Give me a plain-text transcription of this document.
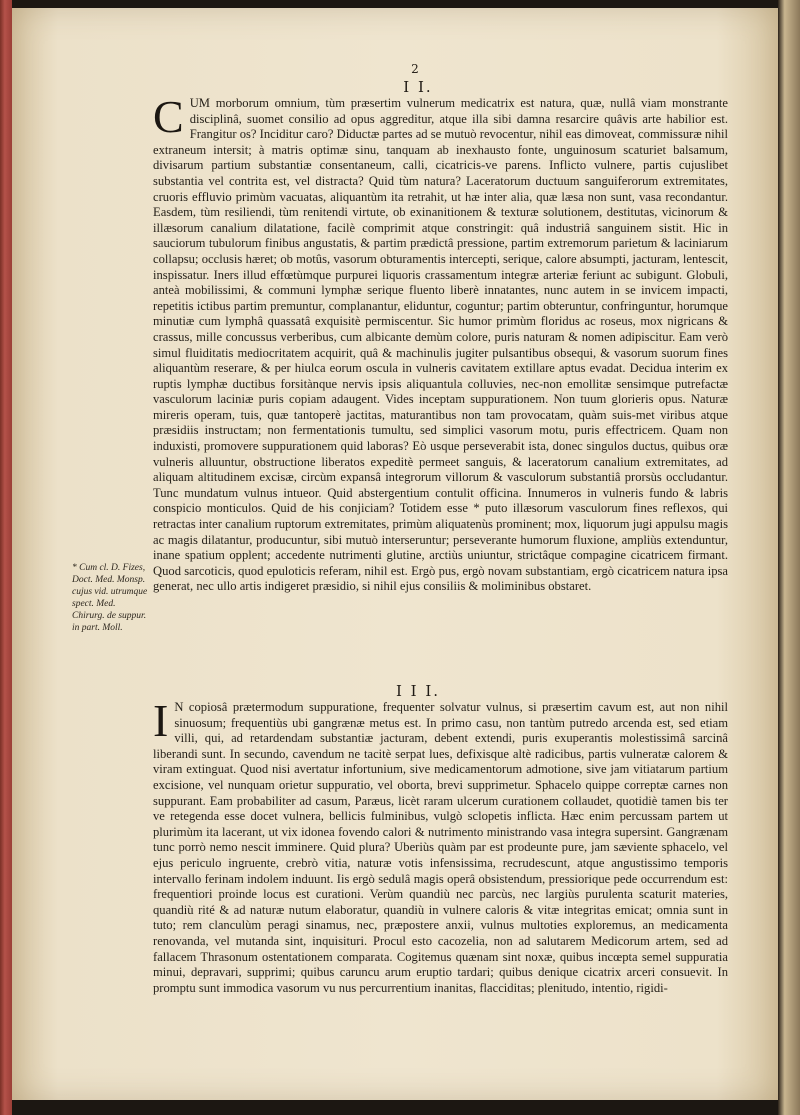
2
I I.
C UM morborum omnium, tùm præsertim vulnerum medicatrix est natura, quæ, nullâ viam monstrante disciplinâ, suomet consilio ad opus aggreditur, atque illa sibi damna resarcire quâvis arte habilior est. Frangitur os? Inciditur caro? Diductæ partes ad se mutuò revocentur, nihil eas dimoveat, commissuræ nihil extraneum intersit; à matris optimæ sinu, tanquam ab inexhausto fonte, unguinosum scaturiet balsamum, divisarum partium substantiæ consentaneum, calli, cicatricis-ve parens. Inflicto vulnere, partis cujuslibet substantia vel contrita est, vel distracta? Quid tùm natura? Laceratorum ductuum sanguiferorum extremitates, cruoris effluvio primùm vacuatas, aliquantùm ita retrahit, ut hæ inter alia, quæ læsa non sunt, vasa recondantur. Easdem, tùm resiliendi, tùm renitendi virtute, ob exinanitionem & texturæ solutionem, destitutas, vicinorum & illæsorum canalium dilatatione, facilè comprimit atque constringit: quâ industriâ sanguinem sistit. Hic in sauciorum tubulorum finibus angustatis, & partim prædictâ pressione, partim extremorum parietum & laciniarum collapsu; occlusis hæret; ob motûs, vasorum obturamentis intercepti, serique, calore absumpti, jacturam, lentescit, inspissatur. Iners illud effœtùmque purpurei liquoris crassamentum integræ arteriæ feriunt ac subigunt. Globuli, anteà mobilissimi, & communi lymphæ serique fluento liberè innatantes, nunc autem in se invicem impacti, repetitis ictibus partim premuntur, complanantur, eliduntur, coguntur; partim obteruntur, confringuntur, horumque minutiæ cum lymphâ quassatâ exquisitè permiscentur. Sic humor primùm floridus ac roseus, mox nigricans & crassus, mille concussus verberibus, cum albicante demùm colore, puris naturam & nomen adipiscitur. Eam verò simul fluiditatis mediocritatem acquirit, quâ & machinulis jugiter pulsantibus obsequi, & vasorum suorum fines aliquantùm reserare, & per hiulca eorum oscula in vulneris cavitatem extillare aptus evadat. Decidua interim ex ruptis lymphæ ductibus forsitànque nervis ipsis aliquantula colluvies, nec-non emollitæ sensimque putrefactæ vasculorum laciniæ puris copiam adaugent. Vides inceptam suppurationem. Non tuum glorieris opus. Naturæ mireris operam, tuis, quæ tantoperè jactitas, maturantibus non tam provocatam, quàm suis-met viribus atque præsidiis instructam; non fermentationis tumultu, sed simplici vasorum motu, puris effectricem. Quam non induxisti, promovere suppurationem quid laboras? Eò usque perseverabit ista, donec singulos ductus, quibus oræ vulneris alluuntur, obstructione liberatos expeditè permeet sanguis, & laceratorum canalium extremitates, ad aliquam altitudinem excisæ, circùm expansâ integrorum villorum & vasculorum substantiâ prorsùs occludantur. Tunc mundatum vulnus intueor. Quid abstergentium contulit officina. Innumeros in vulneris fundo & labris conspicio monticulos. Quid de his conjiciam? Totidem esse * puto illæsorum vasculorum fines reflexos, qui retractas inter canalium ruptorum extremitates, primùm aliquatenùs prominent; mox, liquorum jugi appulsu magis ac magis dilatantur, producuntur, sibi mutuò interseruntur; perseverante humorum fluxione, ampliùs extenduntur, inane spatium opplent; accedente nutrimenti glutine, arctiùs uniuntur, strictâque compagine cicatricem firmant. Quod sarcoticis, quod epuloticis referam, nihil est. Ergò pus, ergò novam substantiam, ergò cicatricem natura ipsa generat, nec ullo artis indigeret præsidio, si nihil ejus consiliis & moliminibus obstaret.
I I I.
I N copiosâ prætermodum suppuratione, frequenter solvatur vulnus, si præsertim cavum est, aut non nihil sinuosum; frequentiùs ubi gangrænæ metus est. In primo casu, non tantùm putredo arcenda est, sed etiam villi, qui, ad retardendam substantiæ jacturam, debent extendi, puris exuperantis molestissimâ sarcinâ liberandi sunt. In secundo, cavendum ne tacitè serpat lues, defixisque altè radicibus, partis vulneratæ calorem & viram extinguat. Quod nisi avertatur infortunium, sive medicamentorum admotione, sive jam vitiatarum partium excisione, vel nunquam orietur suppuratio, vel oborta, brevi supprimetur. Sphacelo quippe correptæ carnes non suppurant. Eam probabiliter ad casum, Paræus, licèt raram ulcerum curationem collaudet, quotidiè tamen bis ter ve retegenda esse docet vulnera, bellicis fulminibus, vulgò sclopetis inflicta. Hæc enim percussam partem ut plurimùm ita lacerant, ut vix idonea fovendo calori & nutrimento ministrando vasa integra supersint. Gangrænam tunc porrò nemo nescit imminere. Quid plura? Uberiùs quàm par est prodeunte pure, jam sæviente sphacelo, vel ejus periculo ingruente, crebrò vitia, naturæ votis infensissima, recrudescunt, atque angustissimo temporis intervallo ferinam indolem induunt. Iis ergò sedulâ magis operâ obsistendum, pressiorique pede occurrendum est: frequentiori proinde locus est curationi. Verùm quandiù nec parcùs, nec largiùs purulenta scaturit materies, quandiù rité & ad naturæ nutum elaboratur, quandiù in vulnere caloris & vitæ integritas emicat; omnia sunt in tuto; rem clanculùm peragi sinamus, nec, præpostere anxii, vulnus multoties exploremus, an medicamenta renovanda, vel mutanda sint, inquisituri. Procul esto cacozelia, non ad salutarem Medicorum artem, sed ad fallacem Thrasonum ostentationem comparata. Cogitemus quænam sint noxæ, quibus incœpta semel suppuratia minui, depravari, supprimi; quibus caruncu arum eruptio tardari; quibus denique cicatrix arceri consuevit. In promptu sunt immodica vasorum vu nus percurrentium inanitas, flacciditas; plenitudo, intentio, rigidi-
* Cum cl. D. Fizes, Doct. Med. Monsp. cujus vid. utrumque spect. Med. Chirurg. de suppur. in part. Moll.
